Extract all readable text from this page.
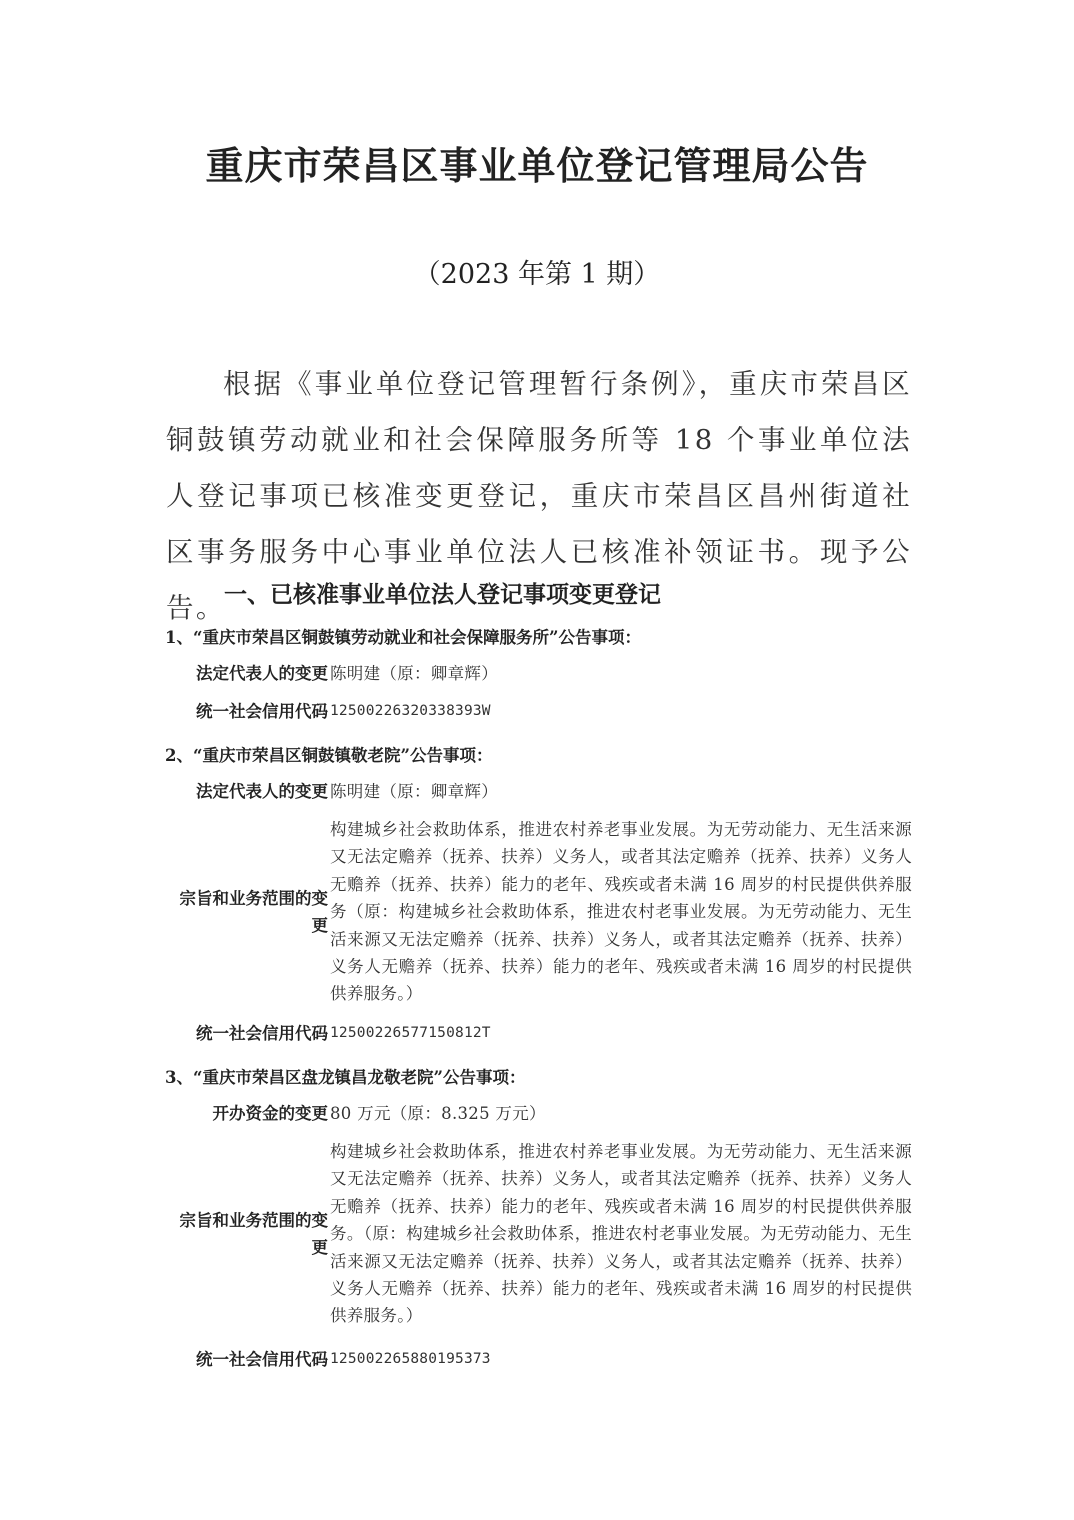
重庆市荣昌区事业单位登记管理局公告

（2023 年第 1 期）

根据《事业单位登记管理暂行条例》，重庆市荣昌区铜鼓镇劳动就业和社会保障服务所等 18 个事业单位法人登记事项已核准变更登记，重庆市荣昌区昌州街道社区事务服务中心事业单位法人已核准补领证书。现予公告。

一、已核准事业单位法人登记事项变更登记

1、“重庆市荣昌区铜鼓镇劳动就业和社会保障服务所”公告事项：

法定代表人的变更 陈明建（原：卿章辉）
统一社会信用代码 12500226320338393W

2、“重庆市荣昌区铜鼓镇敬老院”公告事项：

法定代表人的变更 陈明建（原：卿章辉）
宗旨和业务范围的变更
构建城乡社会救助体系，推进农村养老事业发展。为无劳动能力、无生活来源又无法定赡养（抚养、扶养）义务人，或者其法定赡养（抚养、扶养）义务人无赡养（抚养、扶养）能力的老年、残疾或者未满 16 周岁的村民提供供养服务（原：构建城乡社会救助体系，推进农村老事业发展。为无劳动能力、无生活来源又无法定赡养（抚养、扶养）义务人，或者其法定赡养（抚养、扶养）义务人无赡养（抚养、扶养）能力的老年、残疾或者未满 16 周岁的村民提供供养服务。）
统一社会信用代码 12500226577150812T

3、“重庆市荣昌区盘龙镇昌龙敬老院”公告事项：

开办资金的变更 80 万元（原：8.325 万元）
宗旨和业务范围的变更
构建城乡社会救助体系，推进农村养老事业发展。为无劳动能力、无生活来源又无法定赡养（抚养、扶养）义务人，或者其法定赡养（抚养、扶养）义务人无赡养（抚养、扶养）能力的老年、残疾或者未满 16 周岁的村民提供供养服务。（原：构建城乡社会救助体系，推进农村老事业发展。为无劳动能力、无生活来源又无法定赡养（抚养、扶养）义务人，或者其法定赡养（抚养、扶养）义务人无赡养（抚养、扶养）能力的老年、残疾或者未满 16 周岁的村民提供供养服务。）
统一社会信用代码 125002265880195373
